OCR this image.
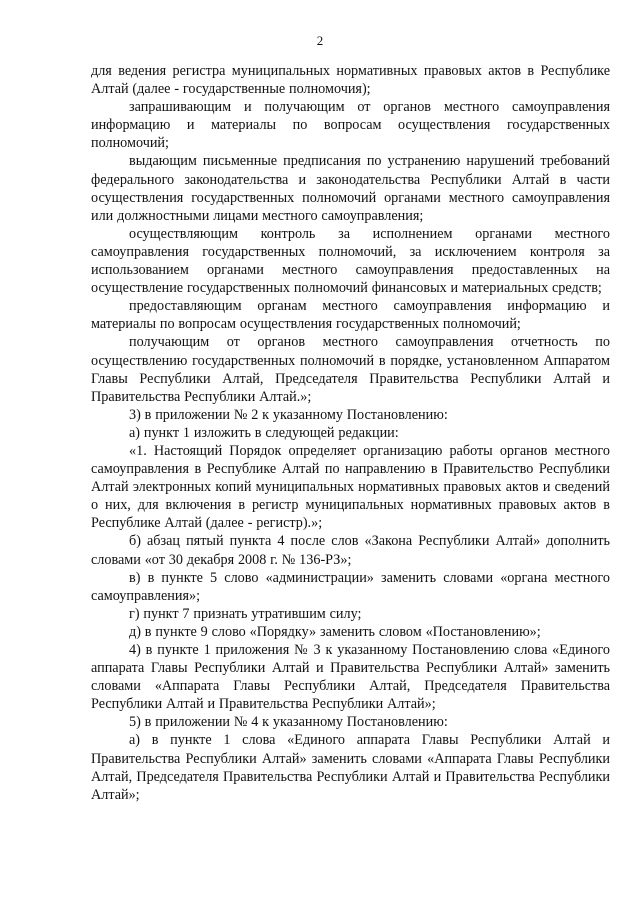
2

для ведения регистра муниципальных нормативных правовых актов в Республике Алтай (далее - государственные полномочия);

запрашивающим и получающим от органов местного самоуправления информацию и материалы по вопросам осуществления государственных полномочий;

выдающим письменные предписания по устранению нарушений требований федерального законодательства и законодательства Республики Алтай в части осуществления государственных полномочий органами местного самоуправления или должностными лицами местного самоуправления;

осуществляющим контроль за исполнением органами местного самоуправления государственных полномочий, за исключением контроля за использованием органами местного самоуправления предоставленных на осуществление государственных полномочий финансовых и материальных средств;

предоставляющим органам местного самоуправления информацию и материалы по вопросам осуществления государственных полномочий;

получающим от органов местного самоуправления отчетность по осуществлению государственных полномочий в порядке, установленном Аппаратом Главы Республики Алтай, Председателя Правительства Республики Алтай и Правительства Республики Алтай.»;

3) в приложении № 2 к указанному Постановлению:

а) пункт 1 изложить в следующей редакции:

«1. Настоящий Порядок определяет организацию работы органов местного самоуправления в Республике Алтай по направлению в Правительство Республики Алтай электронных копий муниципальных нормативных правовых актов и сведений о них, для включения в регистр муниципальных нормативных правовых актов в Республике Алтай (далее - регистр).»;

б) абзац пятый пункта 4 после слов «Закона Республики Алтай» дополнить словами «от 30 декабря 2008 г. № 136-РЗ»;

в) в пункте 5 слово «администрации» заменить словами «органа местного самоуправления»;

г) пункт 7 признать утратившим силу;

д) в пункте 9 слово «Порядку» заменить словом «Постановлению»;

4) в пункте 1 приложения № 3 к указанному Постановлению слова «Единого аппарата Главы Республики Алтай и Правительства Республики Алтай» заменить словами «Аппарата Главы Республики Алтай, Председателя Правительства Республики Алтай и Правительства Республики Алтай»;

5) в приложении № 4 к указанному Постановлению:

а) в пункте 1 слова «Единого аппарата Главы Республики Алтай и Правительства Республики Алтай» заменить словами «Аппарата Главы Республики Алтай, Председателя Правительства Республики Алтай и Правительства Республики Алтай»;
